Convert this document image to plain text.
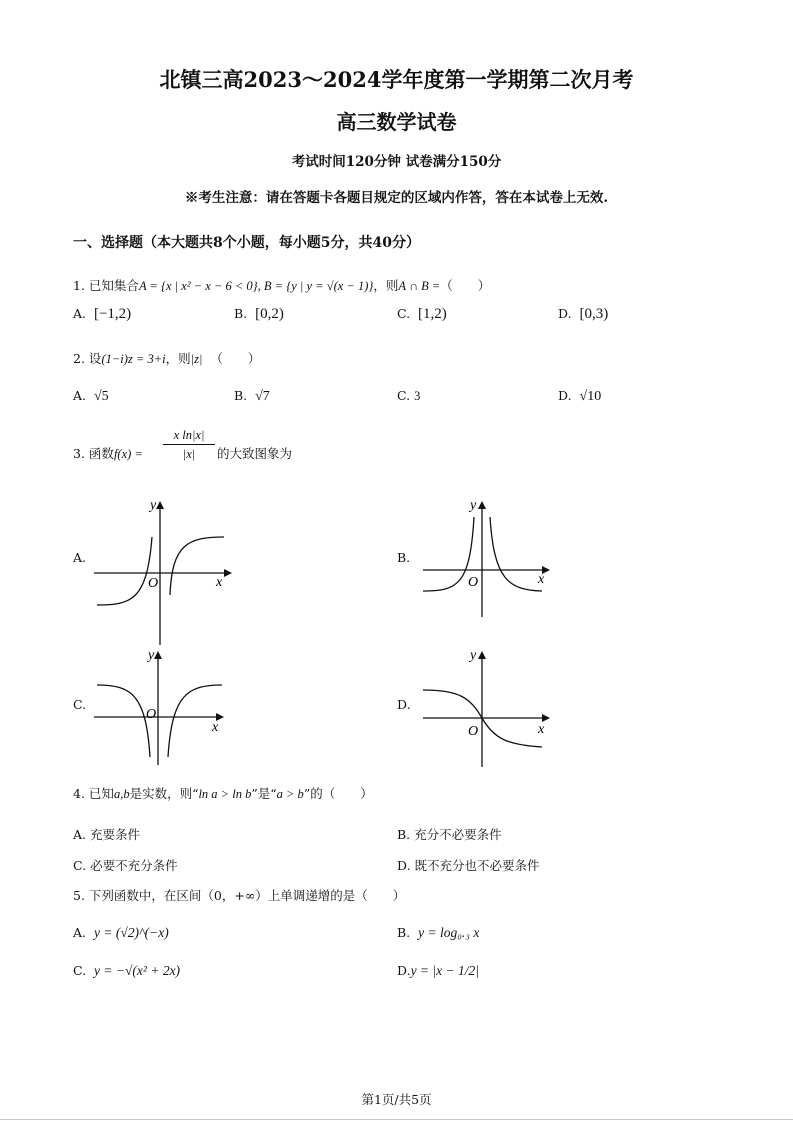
北镇三高2023～2024学年度第一学期第二次月考
高三数学试卷
考试时间120分钟 试卷满分150分
※考生注意：请在答题卡各题目规定的区域内作答，答在本试卷上无效.
一、选择题（本大题共8个小题，每小题5分，共40分）
1. 已知集合A = {x | x² − x − 6 < 0}, B = {y | y = √(x − 1)}，则A ∩ B =（　　）
A. [−1,2)	B. [0,2)	C. [1,2)	D. [0,3)
2. 设(1−i)z = 3+i，则|z| （　　）
A. √5	B. √7	C. 3	D. √10
3. 函数$f(x) = \frac{\text{x ln|x|}}{|x|}$ 的大致图象为
A.	B.
C.	D.
y
x
O
y
x
O
y
x
O
y
x
O
4. 已知a,b是实数，则“ln a > ln b”是“a > b”的（　　）
A. 充要条件	B. 充分不必要条件
C. 必要不充分条件	D. 既不充分也不必要条件
5. 下列函数中，在区间（0，+∞）上单调递增的是（　　）
A. y = (√2)^(−x)	B. y = log₀.₃ x
C. y = −√(x² + 2x)	D.y = |x − 1/2|
第1页/共5页
